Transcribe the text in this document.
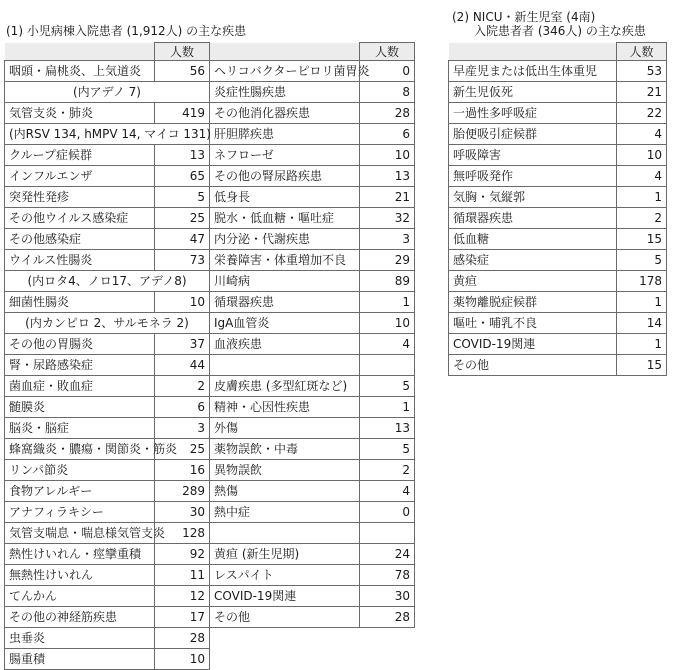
(1) 小児病棟入院患者 (1,912人) の主な疾患
	人数		人数
咽頭・扁桃炎、上気道炎	56	ヘリコバクターピロリ菌胃炎	0
(内アデノ 7)		炎症性腸疾患	8
気管支炎・肺炎	419	その他消化器疾患	28
(内RSV 134, hMPV 14, マイコ 131)		肝胆膵疾患	6
クループ症候群	13	ネフローゼ	10
インフルエンザ	65	その他の腎尿路疾患	13
突発性発疹	5	低身長	21
その他ウイルス感染症	25	脱水・低血糖・嘔吐症	32
その他感染症	47	内分泌・代謝疾患	3
ウイルス性腸炎	73	栄養障害・体重増加不良	29
(内ロタ4、ノロ17、アデノ8)		川崎病	89
細菌性腸炎	10	循環器疾患	1
(内カンピロ 2、サルモネラ 2)		IgA血管炎	10
その他の胃腸炎	37	血液疾患	4
腎・尿路感染症	44		
菌血症・敗血症	2	皮膚疾患 (多型紅斑など)	5
髄膜炎	6	精神・心因性疾患	1
脳炎・脳症	3	外傷	13
蜂窩織炎・膿瘍・関節炎・筋炎	25	薬物誤飲・中毒	5
リンパ節炎	16	異物誤飲	2
食物アレルギー	289	熱傷	4
アナフィラキシー	30	熱中症	0
気管支喘息・喘息様気管支炎	128		
熱性けいれん・痙攣重積	92	黄疸 (新生児期)	24
無熱性けいれん	11	レスパイト	78
てんかん	12	COVID-19関連	30
その他の神経筋疾患	17	その他	28
虫垂炎	28		
腸重積	10		
(2) NICU・新生児室 (4南)
入院患者者 (346人) の主な疾患
	人数
早産児または低出生体重児	53
新生児仮死	21
一過性多呼吸症	22
胎便吸引症候群	4
呼吸障害	10
無呼吸発作	4
気胸・気縦郭	1
循環器疾患	2
低血糖	15
感染症	5
黄疸	178
薬物離脱症候群	1
嘔吐・哺乳不良	14
COVID-19関連	1
その他	15
